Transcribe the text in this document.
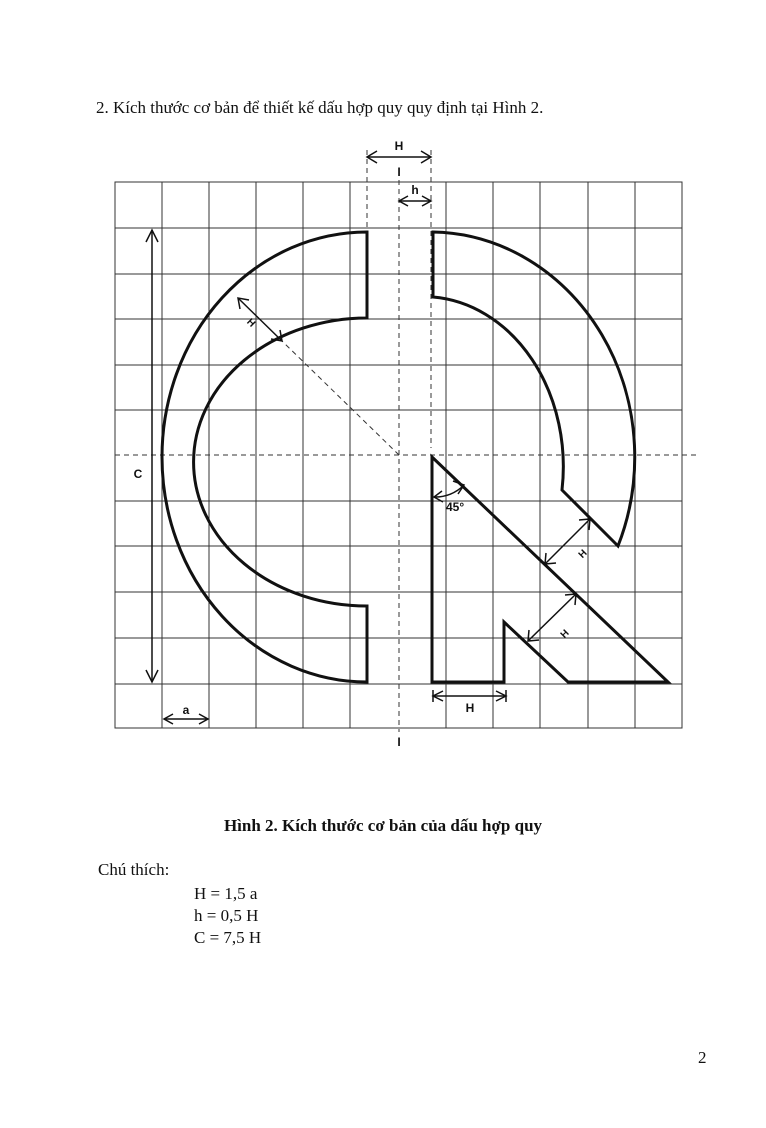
2. Kích thước cơ bản để thiết kế dấu hợp quy quy định tại Hình 2.
H
I
h
C
a	H
I
H
H
H
45°
Hình 2. Kích thước cơ bản của dấu hợp quy
Chú thích:
H = 1,5 a
h = 0,5 H
C = 7,5 H
2
